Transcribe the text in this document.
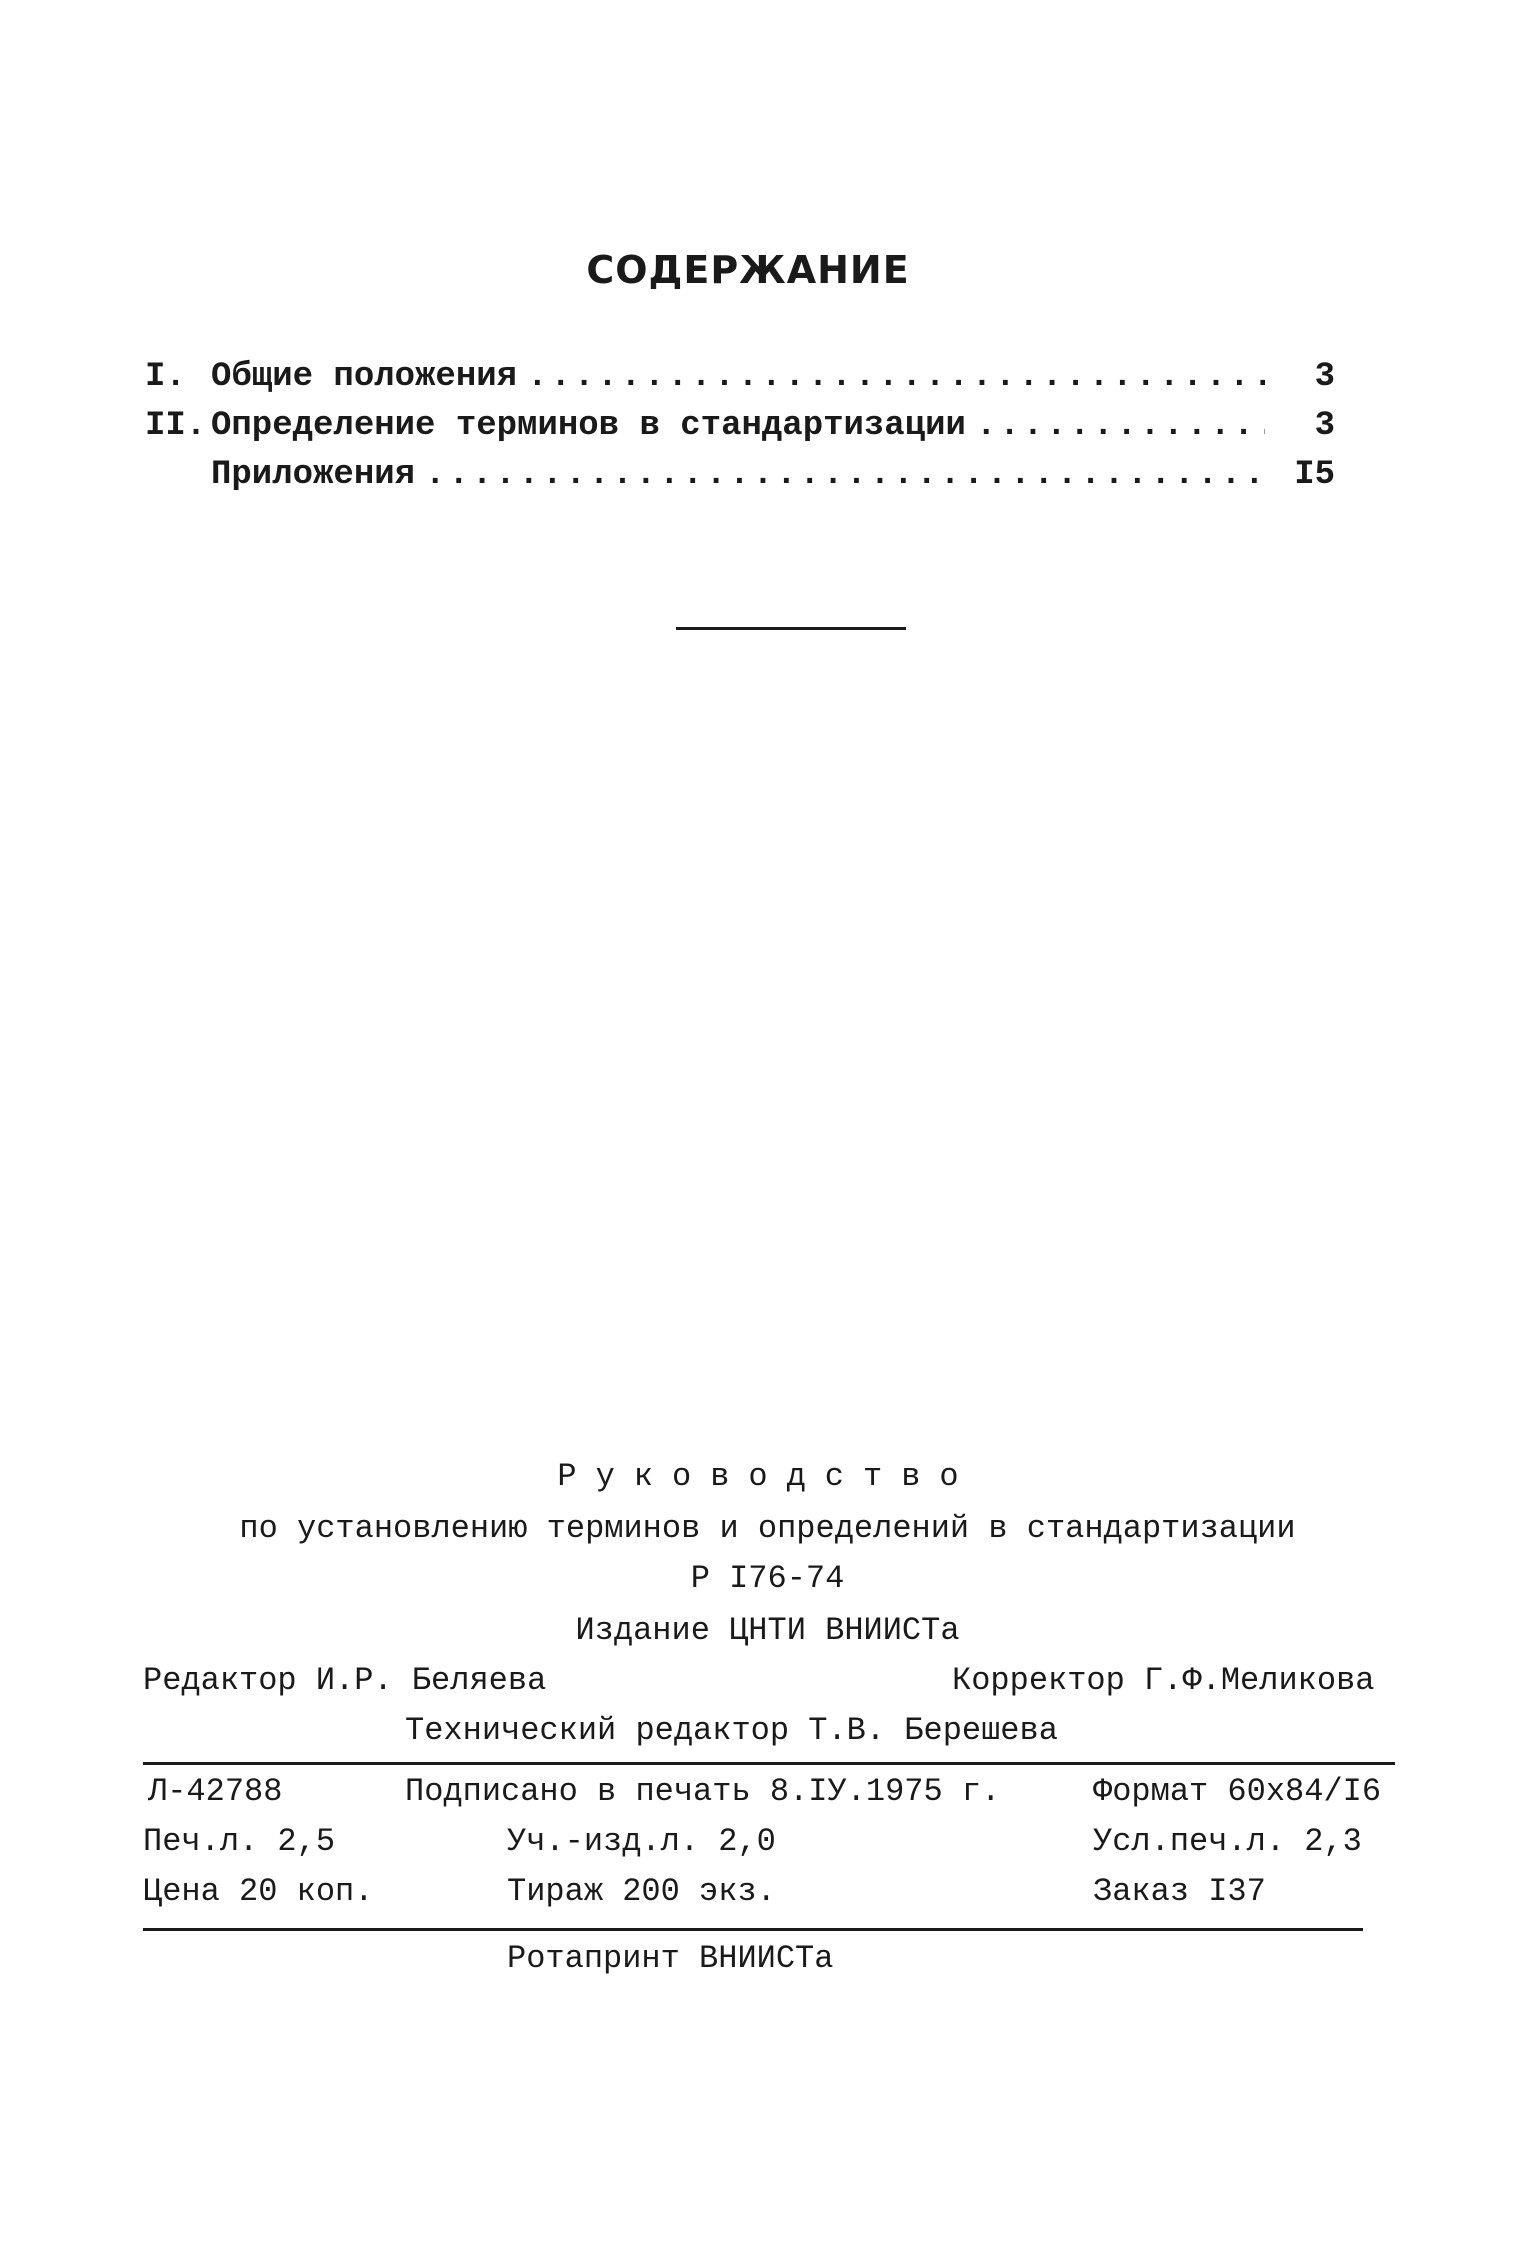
СОДЕРЖАНИЕ
I. Общие положения .....	3
II. Определение терминов в стандартизации .....	3
Приложения .....	I5
Руководство
по установлению терминов и определений в стандартизации
Р I76-74
Издание ЦНТИ ВНИИСТа
Редактор И.Р. Беляева	Корректор Г.Ф.Меликова
Технический редактор Т.В. Берешева
Л-42788	Подписано в печать 8.IУ.1975 г.	Формат 60х84/I6
Печ.л. 2,5	Уч.-изд.л. 2,0	Усл.печ.л. 2,3
Цена 20 коп.	Тираж 200 экз.	Заказ I37
Ротапринт ВНИИСТа
